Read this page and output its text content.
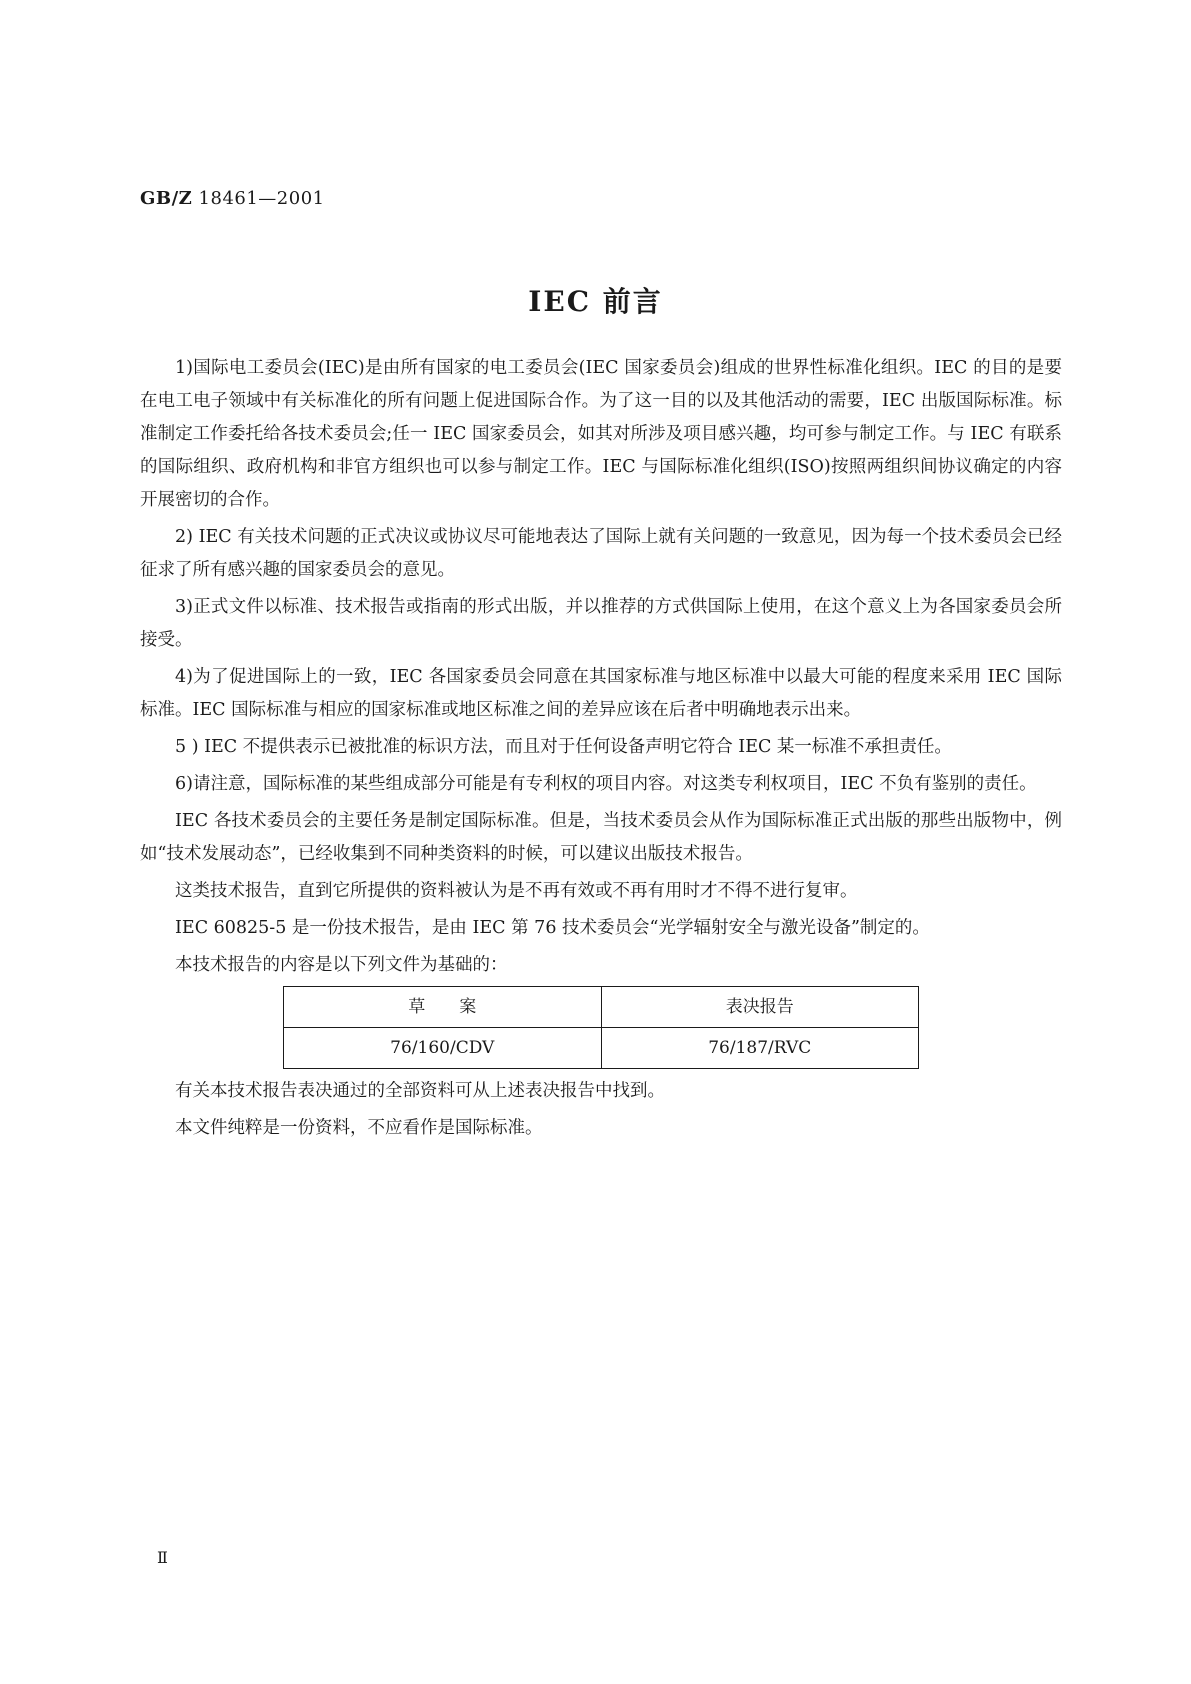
GB/Z 18461—2001
IEC 前言

1)国际电工委员会(IEC)是由所有国家的电工委员会(IEC 国家委员会)组成的世界性标准化组织。IEC 的目的是要在电工电子领域中有关标准化的所有问题上促进国际合作。为了这一目的以及其他活动的需要，IEC 出版国际标准。标准制定工作委托给各技术委员会;任一 IEC 国家委员会，如其对所涉及项目感兴趣，均可参与制定工作。与 IEC 有联系的国际组织、政府机构和非官方组织也可以参与制定工作。IEC 与国际标准化组织(ISO)按照两组织间协议确定的内容开展密切的合作。

2) IEC 有关技术问题的正式决议或协议尽可能地表达了国际上就有关问题的一致意见，因为每一个技术委员会已经征求了所有感兴趣的国家委员会的意见。

3)正式文件以标准、技术报告或指南的形式出版，并以推荐的方式供国际上使用，在这个意义上为各国家委员会所接受。

4)为了促进国际上的一致，IEC 各国家委员会同意在其国家标准与地区标准中以最大可能的程度来采用 IEC 国际标准。IEC 国际标准与相应的国家标准或地区标准之间的差异应该在后者中明确地表示出来。

5 ) IEC 不提供表示已被批准的标识方法，而且对于任何设备声明它符合 IEC 某一标准不承担责任。

6)请注意，国际标准的某些组成部分可能是有专利权的项目内容。对这类专利权项目，IEC 不负有鉴别的责任。

IEC 各技术委员会的主要任务是制定国际标准。但是，当技术委员会从作为国际标准正式出版的那些出版物中，例如“技术发展动态”，已经收集到不同种类资料的时候，可以建议出版技术报告。

这类技术报告，直到它所提供的资料被认为是不再有效或不再有用时才不得不进行复审。

IEC 60825-5 是一份技术报告，是由 IEC 第 76 技术委员会“光学辐射安全与激光设备”制定的。

本技术报告的内容是以下列文件为基础的：

草　　案	表决报告
76/160/CDV	76/187/RVC

有关本技术报告表决通过的全部资料可从上述表决报告中找到。

本文件纯粹是一份资料，不应看作是国际标准。

Ⅱ
